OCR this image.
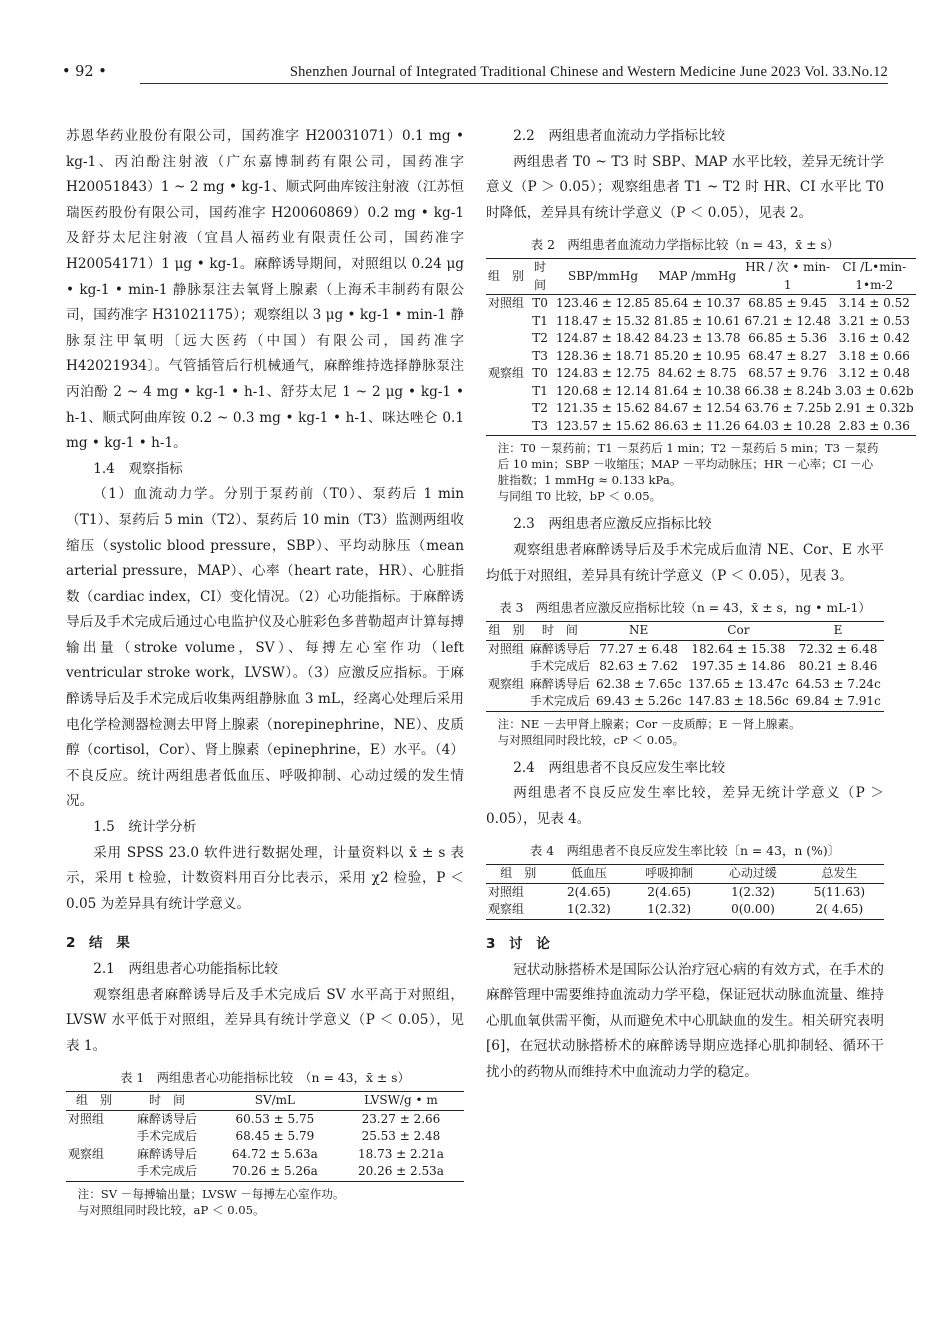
• 92 •	Shenzhen Journal of Integrated Traditional Chinese and Western Medicine June 2023 Vol. 33.No.12

苏恩华药业股份有限公司，国药准字 H20031071）0.1 mg • kg-1、丙泊酚注射液（广东嘉博制药有限公司，国药准字 H20051843）1 ~ 2 mg • kg-1、顺式阿曲库铵注射液（江苏恒瑞医药股份有限公司，国药准字 H20060869）0.2 mg • kg-1 及舒芬太尼注射液（宜昌人福药业有限责任公司，国药准字 H20054171）1 μg • kg-1。麻醉诱导期间，对照组以 0.24 μg • kg-1 • min-1 静脉泵注去氧肾上腺素（上海禾丰制药有限公司，国药准字 H31021175）；观察组以 3 μg • kg-1 • min-1 静脉泵注甲氧明〔远大医药（中国）有限公司，国药准字 H42021934〕。气管插管后行机械通气，麻醉维持选择静脉泵注丙泊酚 2 ~ 4 mg • kg-1 • h-1、舒芬太尼 1 ~ 2 μg • kg-1 • h-1、顺式阿曲库铵 0.2 ~ 0.3 mg • kg-1 • h-1、咪达唑仑 0.1 mg • kg-1 • h-1。

1.4　观察指标

（1）血流动力学。分别于泵药前（T0）、泵药后 1 min（T1）、泵药后 5 min（T2）、泵药后 10 min（T3）监测两组收缩压（systolic blood pressure，SBP）、平均动脉压（mean arterial pressure，MAP）、心率（heart rate，HR）、心脏指数（cardiac index，CI）变化情况。（2）心功能指标。于麻醉诱导后及手术完成后通过心电监护仪及心脏彩色多普勒超声计算每搏输出量（stroke volume，SV）、每搏左心室作功（left ventricular stroke work，LVSW）。（3）应激反应指标。于麻醉诱导后及手术完成后收集两组静脉血 3 mL，经离心处理后采用电化学检测器检测去甲肾上腺素（norepinephrine，NE）、皮质醇（cortisol，Cor）、肾上腺素（epinephrine，E）水平。（4）不良反应。统计两组患者低血压、呼吸抑制、心动过缓的发生情况。

1.5　统计学分析

采用 SPSS 23.0 软件进行数据处理，计量资料以 x̄ ± s 表示，采用 t 检验，计数资料用百分比表示，采用 χ2 检验，P ＜ 0.05 为差异具有统计学意义。

2　结　果

2.1　两组患者心功能指标比较

观察组患者麻醉诱导后及手术完成后 SV 水平高于对照组，LVSW 水平低于对照组，差异具有统计学意义（P ＜ 0.05），见表 1。

表 1　两组患者心功能指标比较　（n = 43，x̄ ± s）
组　别	时　间	SV/mL	LVSW/g • m
对照组	麻醉诱导后	60.53 ± 5.75	23.27 ± 2.66
	手术完成后	68.45 ± 5.79	25.53 ± 2.48
观察组	麻醉诱导后	64.72 ± 5.63a	18.73 ± 2.21a
	手术完成后	70.26 ± 5.26a	20.26 ± 2.53a
注：SV －每搏输出量；LVSW －每搏左心室作功。
与对照组同时段比较，aP ＜ 0.05。

2.2　两组患者血流动力学指标比较

两组患者 T0 ~ T3 时 SBP、MAP 水平比较，差异无统计学意义（P ＞ 0.05）；观察组患者 T1 ~ T2 时 HR、CI 水平比 T0 时降低，差异具有统计学意义（P ＜ 0.05），见表 2。

表 2　两组患者血流动力学指标比较（n = 43，x̄ ± s）
组　别	时　间	SBP/mmHg	MAP /mmHg	HR / 次 • min-1	CI /L•min-1•m-2
对照组	T0	123.46 ± 12.85	85.64 ± 10.37	68.85 ± 9.45	3.14 ± 0.52
	T1	118.47 ± 15.32	81.85 ± 10.61	67.21 ± 12.48	3.21 ± 0.53
	T2	124.87 ± 18.42	84.23 ± 13.78	66.85 ± 5.36	3.16 ± 0.42
	T3	128.36 ± 18.71	85.20 ± 10.95	68.47 ± 8.27	3.18 ± 0.66
观察组	T0	124.83 ± 12.75	84.62 ± 8.75	68.57 ± 9.76	3.12 ± 0.48
	T1	120.68 ± 12.14	81.64 ± 10.38	66.38 ± 8.24b	3.03 ± 0.62b
	T2	121.35 ± 15.62	84.67 ± 12.54	63.76 ± 7.25b	2.91 ± 0.32b
	T3	123.57 ± 15.62	86.63 ± 11.26	64.03 ± 10.28	2.83 ± 0.36
注：T0 －泵药前；T1 －泵药后 1 min；T2 －泵药后 5 min；T3 －泵药后 10 min；SBP －收缩压；MAP －平均动脉压；HR －心率；CI －心脏指数；1 mmHg ≈ 0.133 kPa。
与同组 T0 比较，bP ＜ 0.05。

2.3　两组患者应激反应指标比较

观察组患者麻醉诱导后及手术完成后血清 NE、Cor、E 水平均低于对照组，差异具有统计学意义（P ＜ 0.05），见表 3。

表 3　两组患者应激反应指标比较（n = 43，x̄ ± s，ng • mL-1）
组　别	时　间	NE	Cor	E
对照组	麻醉诱导后	77.27 ± 6.48	182.64 ± 15.38	72.32 ± 6.48
	手术完成后	82.63 ± 7.62	197.35 ± 14.86	80.21 ± 8.46
观察组	麻醉诱导后	62.38 ± 7.65c	137.65 ± 13.47c	64.53 ± 7.24c
	手术完成后	69.43 ± 5.26c	147.83 ± 18.56c	69.84 ± 7.91c
注：NE －去甲肾上腺素；Cor －皮质醇；E －肾上腺素。
与对照组同时段比较，cP ＜ 0.05。

2.4　两组患者不良反应发生率比较

两组患者不良反应发生率比较，差异无统计学意义（P ＞ 0.05），见表 4。

表 4　两组患者不良反应发生率比较〔n = 43，n (%)〕
组　别	低血压	呼吸抑制	心动过缓	总发生
对照组	2(4.65)	2(4.65)	1(2.32)	5(11.63)
观察组	1(2.32)	1(2.32)	0(0.00)	2( 4.65)

3　讨　论

冠状动脉搭桥术是国际公认治疗冠心病的有效方式，在手术的麻醉管理中需要维持血流动力学平稳，保证冠状动脉血流量、维持心肌血氧供需平衡，从而避免术中心肌缺血的发生。相关研究表明 [6]，在冠状动脉搭桥术的麻醉诱导期应选择心肌抑制轻、循环干扰小的药物从而维持术中血流动力学的稳定。
